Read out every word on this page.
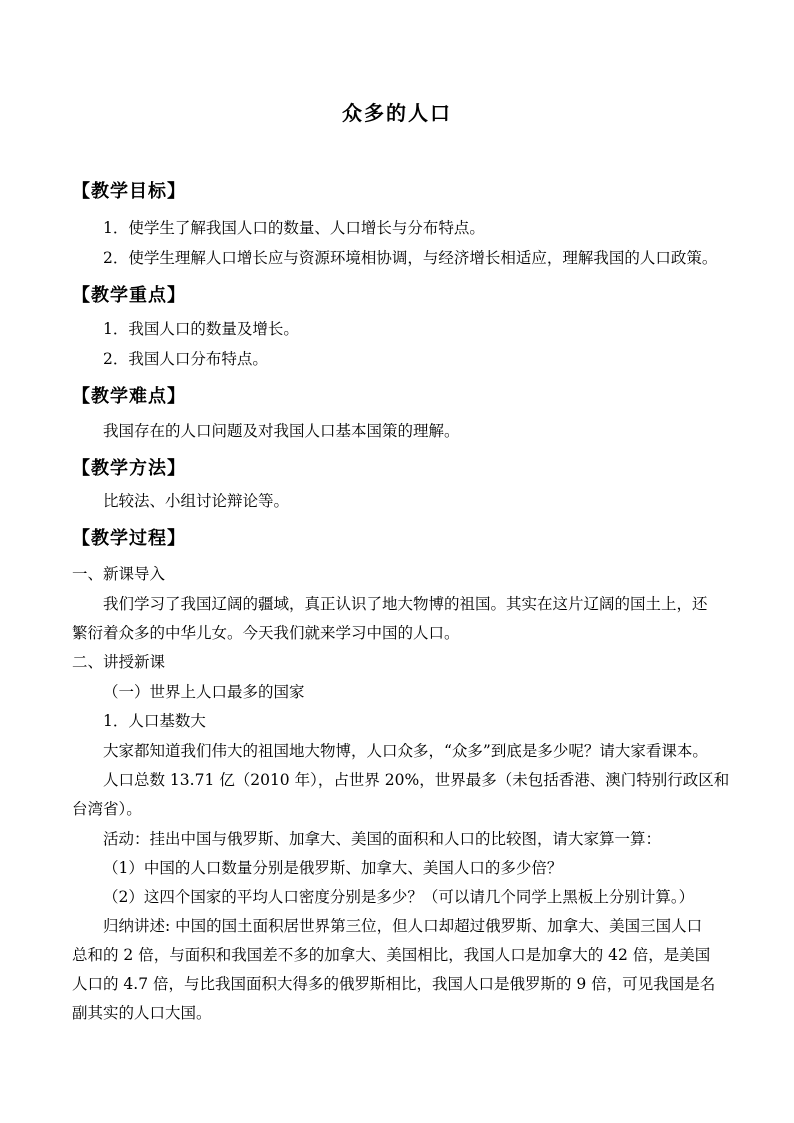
众多的人口
【教学目标】
1．使学生了解我国人口的数量、人口增长与分布特点。
2．使学生理解人口增长应与资源环境相协调，与经济增长相适应，理解我国的人口政策。
【教学重点】
1．我国人口的数量及增长。
2．我国人口分布特点。
【教学难点】
我国存在的人口问题及对我国人口基本国策的理解。
【教学方法】
比较法、小组讨论辩论等。
【教学过程】
一、新课导入
我们学习了我国辽阔的疆域，真正认识了地大物博的祖国。其实在这片辽阔的国土上，还
繁衍着众多的中华儿女。今天我们就来学习中国的人口。
二、讲授新课
（一）世界上人口最多的国家
1．人口基数大
大家都知道我们伟大的祖国地大物博，人口众多，“众多”到底是多少呢？请大家看课本。
人口总数 13.71 亿（2010 年），占世界 20%，世界最多（未包括香港、澳门特别行政区和
台湾省）。
活动：挂出中国与俄罗斯、加拿大、美国的面积和人口的比较图，请大家算一算：
（1）中国的人口数量分别是俄罗斯、加拿大、美国人口的多少倍？
（2）这四个国家的平均人口密度分别是多少？（可以请几个同学上黑板上分别计算。）
归纳讲述: 中国的国土面积居世界第三位，但人口却超过俄罗斯、加拿大、美国三国人口
总和的 2 倍，与面积和我国差不多的加拿大、美国相比，我国人口是加拿大的 42 倍，是美国
人口的 4.7 倍，与比我国面积大得多的俄罗斯相比，我国人口是俄罗斯的 9 倍，可见我国是名
副其实的人口大国。
